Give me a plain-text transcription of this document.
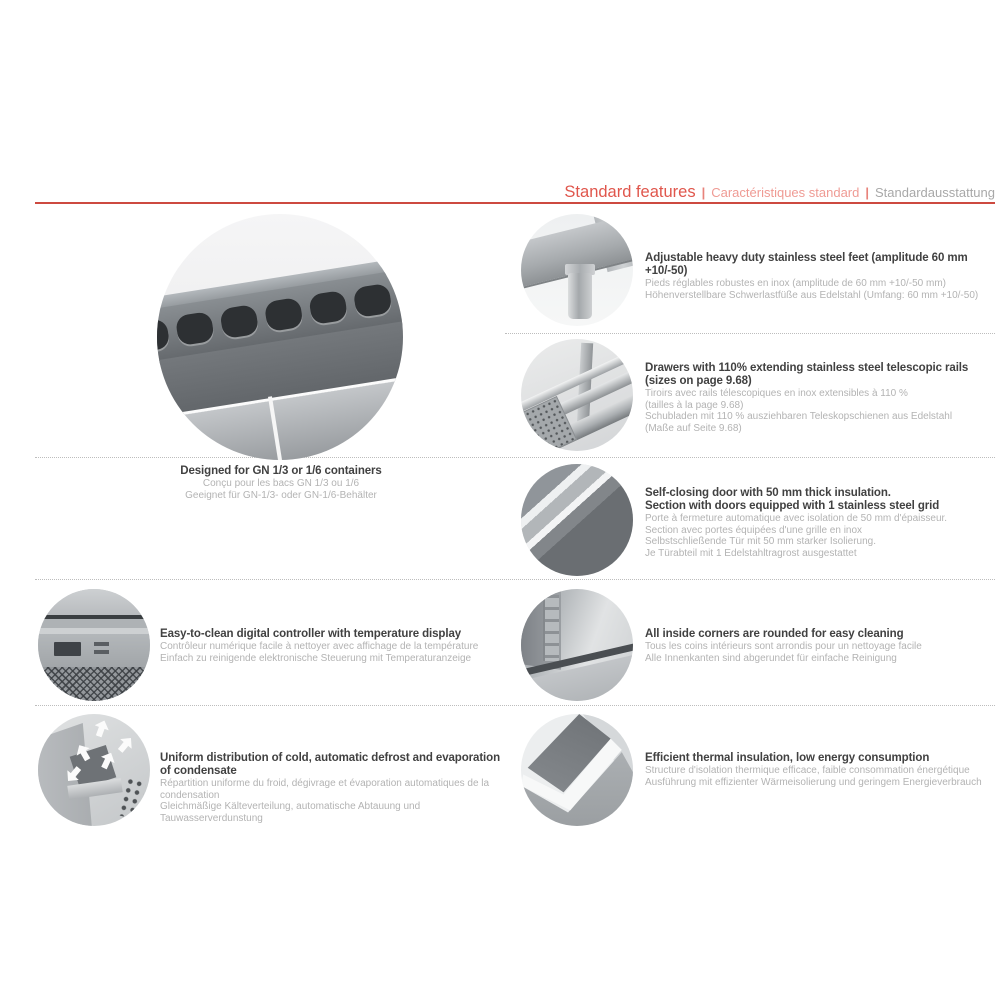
Standard features | Caractéristiques standard | Standardausstattung
Designed for GN 1/3 or 1/6 containers
Conçu pour les bacs GN 1/3 ou 1/6
Geeignet für GN-1/3- oder GN-1/6-Behälter
Adjustable heavy duty stainless steel feet (amplitude 60 mm +10/-50)
Pieds réglables robustes en inox (amplitude de 60 mm +10/-50 mm)
Höhenverstellbare Schwerlastfüße aus Edelstahl (Umfang: 60 mm +10/-50)
Drawers with 110% extending stainless steel telescopic rails
(sizes on page 9.68)
Tiroirs avec rails télescopiques en inox extensibles à 110 %
(tailles à la page 9.68)
Schubladen mit 110 % ausziehbaren Teleskopschienen aus Edelstahl
(Maße auf Seite 9.68)
Self-closing door with 50 mm thick insulation.
Section with doors equipped with 1 stainless steel grid
Porte à fermeture automatique avec isolation de 50 mm d'épaisseur.
Section avec portes équipées d'une grille en inox
Selbstschließende Tür mit 50 mm starker Isolierung.
Je Türabteil mit 1 Edelstahltragrost ausgestattet
All inside corners are rounded for easy cleaning
Tous les coins intérieurs sont arrondis pour un nettoyage facile
Alle Innenkanten sind abgerundet für einfache Reinigung
Efficient thermal insulation, low energy consumption
Structure d'isolation thermique efficace, faible consommation énergétique
Ausführung mit effizienter Wärmeisolierung und geringem Energieverbrauch
Easy-to-clean digital controller with temperature display
Contrôleur numérique facile à nettoyer avec affichage de la température
Einfach zu reinigende elektronische Steuerung mit Temperaturanzeige
Uniform distribution of cold, automatic defrost and evaporation of condensate
Répartition uniforme du froid, dégivrage et évaporation automatiques de la condensation
Gleichmäßige Kälteverteilung, automatische Abtauung und Tauwasserverdunstung
